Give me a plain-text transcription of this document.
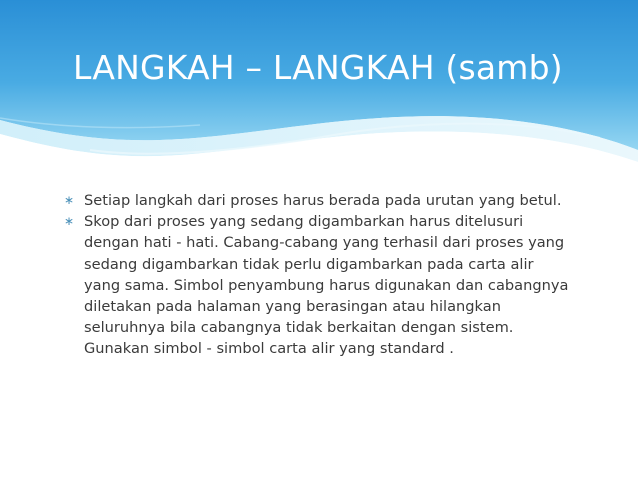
LANGKAH – LANGKAH (samb)
∗ Setiap langkah dari proses harus berada pada urutan yang betul.
∗ Skop dari proses yang sedang digambarkan harus ditelusuri dengan hati - hati. Cabang-cabang yang terhasil dari proses yang sedang digambarkan tidak perlu digambarkan pada carta alir yang sama. Simbol penyambung harus digunakan dan cabangnya diletakan pada halaman yang berasingan atau hilangkan seluruhnya bila cabangnya tidak berkaitan dengan sistem. Gunakan simbol - simbol carta alir yang standard .
